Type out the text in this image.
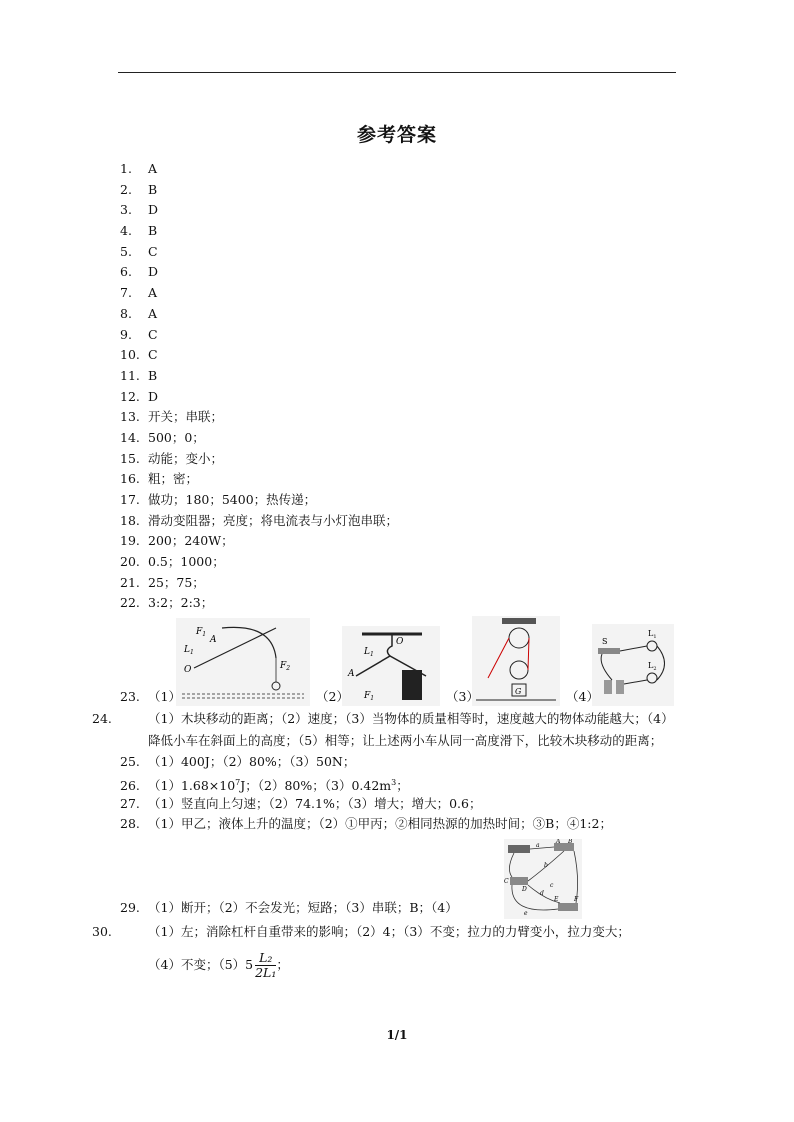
参考答案
1. A
2. B
3. D
4. B
5. C
6. D
7. A
8. A
9. C
10. C
11. B
12. D
13. 开关；串联；
14. 500；0；
15. 动能；变小；
16. 粗；密；
17. 做功；180；5400；热传递；
18. 滑动变阻器；亮度；将电流表与小灯泡串联；
19. 200；240W；
20. 0.5；1000；
21. 25；75；
22. 3:2；2:3；
23. （1）
$F_1$
$L_1$
A
O	$F_2$
（2）
O
A
$L_1$
$F_1$	（3）	G	（4）
S
$L_1$
$L_2$
24.	（1）木块移动的距离；（2）速度；（3）当物体的质量相等时，速度越大的物体动能越大；（4）降低小车在斜面上的高度；（5）相等；让上述两小车从同一高度滑下，比较木块移动的距离；
25. （1）400J；（2）80%；（3）50N；
26. $(1)1.68\times 10^7J$；（2）80%；$(3)0.42m^3$；
27. （1）竖直向上匀速；（2）74.1%；（3）增大；增大；0.6；
28. （1）甲乙；液体上升的温度；（2）①甲丙；②相同热源的加热时间；③B；④1:2；
29. （1）断开；（2）不会发光；短路；（3）串联；B；（4）
a
b
c
d
e
A B
C
D
E	F
30.	（1）左；消除杠杆自重带来的影响；（2）4；（3）不变；拉力的力臂变小，拉力变大；
（4）不变；$(5)5 \frac{\text{L₂}}{\text{2L₁}}$ ；
1/1
